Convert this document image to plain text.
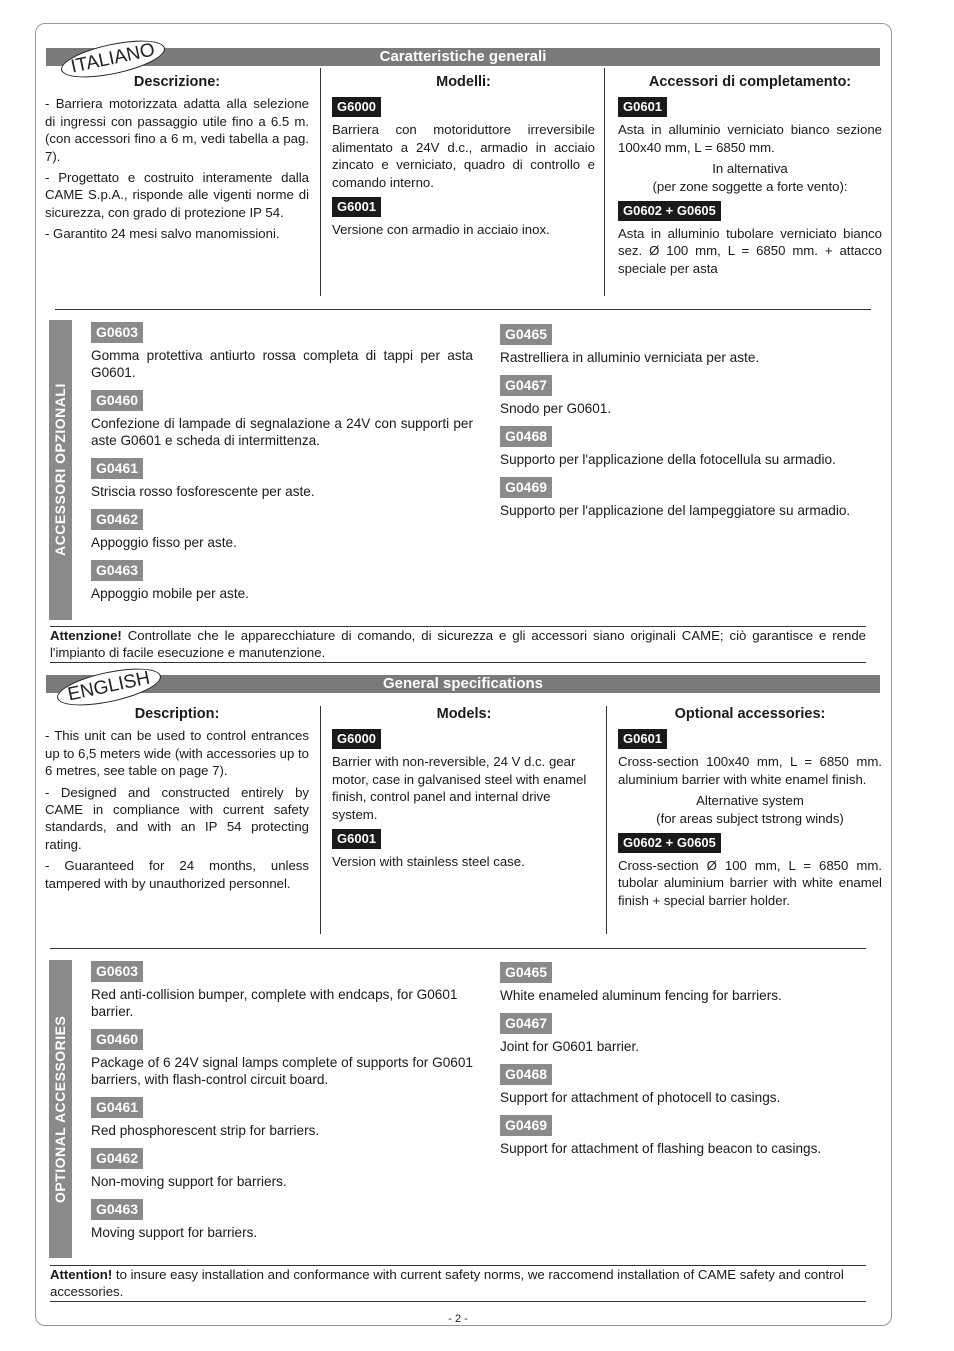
Caratteristiche generali
ITALIANO
Descrizione:

- Barriera motorizzata adatta alla selezione di ingressi con passaggio utile fino a 6.5 m. (con accessori fino a 6 m, vedi tabella a pag. 7).

- Progettato e costruito interamente dalla CAME S.p.A., risponde alle vigenti norme di sicurezza, con grado di protezione IP 54.

- Garantito 24 mesi salvo manomissioni.

Modelli:
G6000

Barriera con motoriduttore irreversibile alimentato a 24V d.c., armadio in acciaio zincato e verniciato, quadro di controllo e comando interno.

G6001

Versione con armadio in acciaio inox.

Accessori di completamento:
G0601

Asta in alluminio verniciato bianco sezione 100x40 mm, L = 6850 mm.

In alternativa
(per zone soggette a forte vento):
G0602 + G0605

Asta in alluminio tubolare verniciato bianco sez. Ø 100 mm, L = 6850 mm. + attacco speciale per asta

ACCESSORI OPZIONALI
G0603
Gomma protettiva antiurto rossa completa di tappi per asta G0601.
G0460
Confezione di lampade di segnalazione a 24V con supporti per aste G0601 e scheda di intermittenza.
G0461
Striscia rosso fosforescente per aste.
G0462
Appoggio fisso per aste.
G0463
Appoggio mobile per aste.
G0465
Rastrelliera in alluminio verniciata per aste.
G0467
Snodo per G0601.
G0468
Supporto per l'applicazione della fotocellula su armadio.
G0469
Supporto per l'applicazione del lampeggiatore su armadio.
Attenzione! Controllate che le apparecchiature di comando, di sicurezza e gli accessori siano originali CAME; ciò garantisce e rende l'impianto di facile esecuzione e manutenzione.
General specifications
ENGLISH
Description:

- This unit can be used to control entrances up to 6,5 meters wide (with accessories up to 6 metres, see table on page 7).

- Designed and constructed entirely by CAME in compliance with current safety standards, and with an IP 54 protecting rating.

- Guaranteed for 24 months, unless tampered with by unauthorized personnel.

Models:
G6000

Barrier with non-reversible, 24 V d.c. gear motor, case in galvanised steel with enamel finish, control panel and internal drive system.

G6001

Version with stainless steel case.

Optional accessories:
G0601

Cross-section 100x40 mm, L = 6850 mm. aluminium barrier with white enamel finish.

Alternative system
(for areas subject tstrong winds)
G0602 + G0605

Cross-section Ø 100 mm, L = 6850 mm. tubolar aluminium barrier with white enamel finish + special barrier holder.

OPTIONAL ACCESSORIES
G0603
Red anti-collision bumper, complete with endcaps, for G0601 barrier.
G0460
Package of 6 24V signal lamps complete of supports for G0601 barriers, with flash-control circuit board.
G0461
Red phosphorescent strip for barriers.
G0462
Non-moving support for barriers.
G0463
Moving support for barriers.
G0465
White enameled aluminum fencing for barriers.
G0467
Joint for G0601 barrier.
G0468
Support for attachment of photocell to casings.
G0469
Support for attachment of flashing beacon to casings.
Attention! to insure easy installation and conformance with current safety norms, we raccomend installation of CAME safety and control accessories.
- 2 -
